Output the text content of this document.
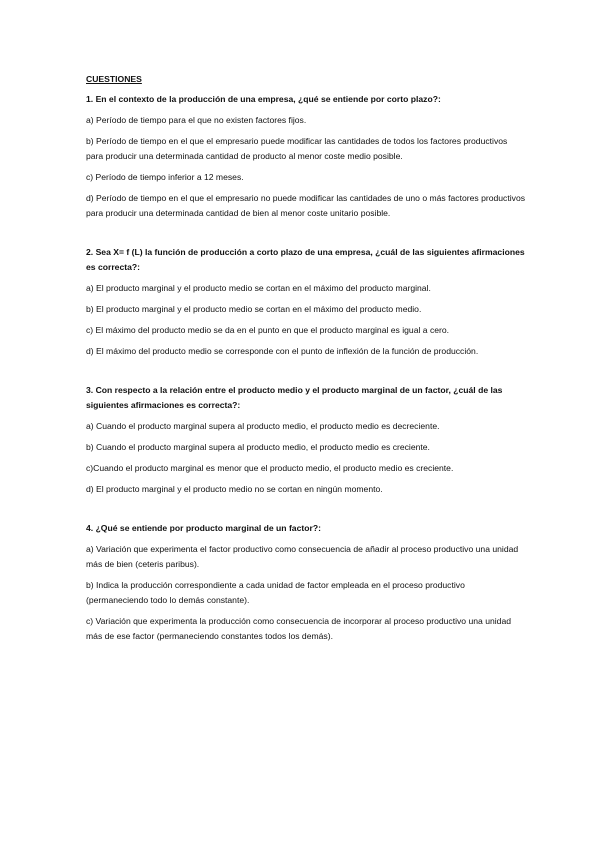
CUESTIONES

1. En el contexto de la producción de una empresa, ¿qué se entiende por corto plazo?:

a) Período de tiempo para el que no existen factores fijos.

b) Período de tiempo en el que el empresario puede modificar las cantidades de todos los factores productivos para producir una determinada cantidad de producto al menor coste medio posible.

c) Período de tiempo inferior a 12 meses.

d) Período de tiempo en el que el empresario no puede modificar las cantidades de uno o más factores productivos para producir una determinada cantidad de bien al menor coste unitario posible.

2. Sea X= f (L) la función de producción a corto plazo de una empresa, ¿cuál de las siguientes afirmaciones es correcta?:

a) El producto marginal y el producto medio se cortan en el máximo del producto marginal.

b) El producto marginal y el producto medio se cortan en el máximo del producto medio.

c) El máximo del producto medio se da en el punto en que el producto marginal es igual a cero.

d) El máximo del producto medio se corresponde con el punto de inflexión de la función de producción.

3. Con respecto a la relación entre el producto medio y el producto marginal de un factor, ¿cuál de las siguientes afirmaciones es correcta?:

a) Cuando el producto marginal supera al producto medio, el producto medio es decreciente.

b) Cuando el producto marginal supera al producto medio, el producto medio es creciente.

c)Cuando el producto marginal es menor que el producto medio, el producto medio es creciente.

d) El producto marginal y el producto medio no se cortan en ningún momento.

4. ¿Qué se entiende por producto marginal de un factor?:

a) Variación que experimenta el factor productivo como consecuencia de añadir al proceso productivo una unidad más de bien (ceteris paribus).

b) Indica la producción correspondiente a cada unidad de factor empleada en el proceso productivo (permaneciendo todo lo demás constante).

c) Variación que experimenta la producción como consecuencia de incorporar al proceso productivo una unidad más de ese factor (permaneciendo constantes todos los demás).
